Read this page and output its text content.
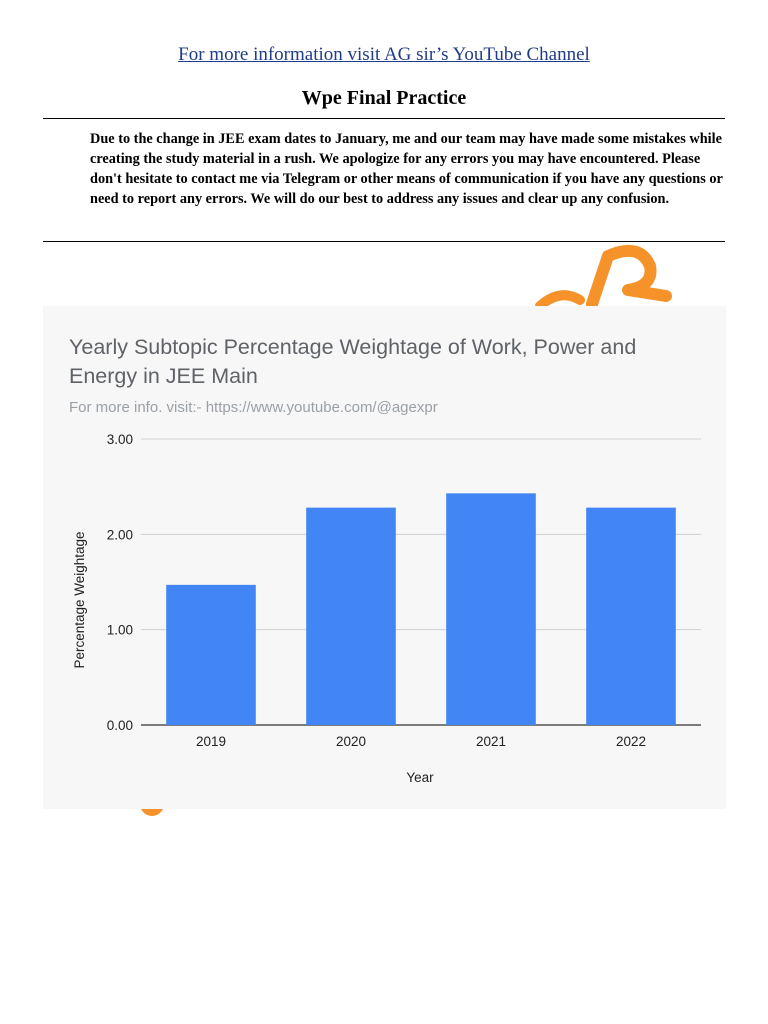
For more information visit AG sir’s YouTube Channel
Wpe Final Practice
Due to the change in JEE exam dates to January, me and our team may have made some mistakes while creating the study material in a rush. We apologize for any errors you may have encountered. Please don't hesitate to contact me via Telegram or other means of communication if you have any questions or need to report any errors. We will do our best to address any issues and clear up any confusion.
Yearly Subtopic Percentage Weightage of Work, Power and
Energy in JEE Main
For more info. visit:- https://www.youtube.com/@agexpr
0.00
1.00
2.00
3.00
2019	2020	2021	2022
Year
Percentage Weightage
